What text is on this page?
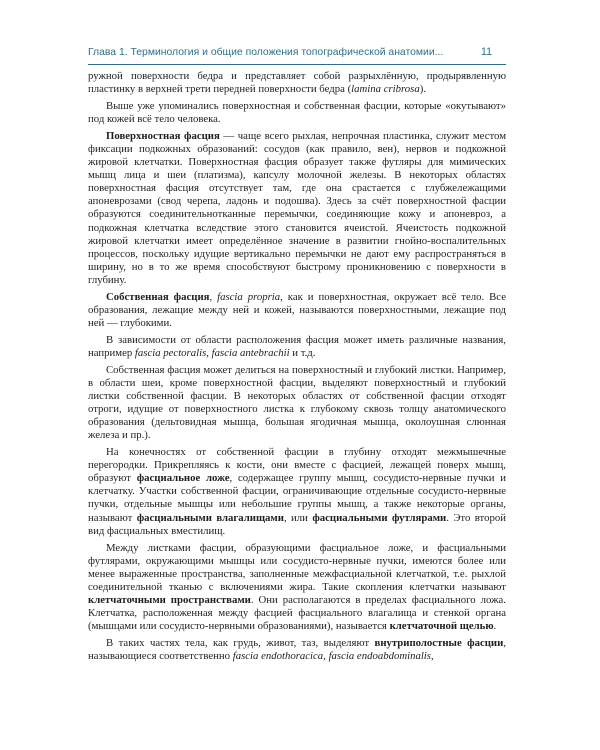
Глава 1. Терминология и общие положения топографической анатомии...	11

ружной поверхности бедра и представляет собой разрыхлённую, продырявленную пластинку в верхней трети передней поверхности бедра (lamina cribrosa).

Выше уже упоминались поверхностная и собственная фасции, которые «окутывают» под кожей всё тело человека.

Поверхностная фасция — чаще всего рыхлая, непрочная пластинка, служит местом фиксации подкожных образований: сосудов (как правило, вен), нервов и подкожной жировой клетчатки. Поверхностная фасция образует также футляры для мимических мышц лица и шеи (платизма), капсулу молочной железы. В некоторых областях поверхностная фасция отсутствует там, где она срастается с глубжележащими апоневрозами (свод черепа, ладонь и подошва). Здесь за счёт поверхностной фасции образуются соединительнотканные перемычки, соединяющие кожу и апоневроз, а подкожная клетчатка вследствие этого становится ячеистой. Ячеистость подкожной жировой клетчатки имеет определённое значение в развитии гнойно-воспалительных процессов, поскольку идущие вертикально перемычки не дают ему распространяться в ширину, но в то же время способствуют быстрому проникновению с поверхности в глубину.

Собственная фасция, fascia propria, как и поверхностная, окружает всё тело. Все образования, лежащие между ней и кожей, называются поверхностными, лежащие под ней — глубокими.

В зависимости от области расположения фасция может иметь различные названия, например fascia pectoralis, fascia antebrachii и т.д.

Собственная фасция может делиться на поверхностный и глубокий листки. Например, в области шеи, кроме поверхностной фасции, выделяют поверхностный и глубокий листки собственной фасции. В некоторых областях от собственной фасции отходят отроги, идущие от поверхностного листка к глубокому сквозь толщу анатомического образования (дельтовидная мышца, большая ягодичная мышца, околоушная слюнная железа и пр.).

На конечностях от собственной фасции в глубину отходят межмышечные перегородки. Прикрепляясь к кости, они вместе с фасцией, лежащей поверх мышц, образуют фасциальное ложе, содержащее группу мышц, сосудисто-нервные пучки и клетчатку. Участки собственной фасции, ограничивающие отдельные сосудисто-нервные пучки, отдельные мышцы или небольшие группы мышц, а также некоторые органы, называют фасциальными влагалищами, или фасциальными футлярами. Это второй вид фасциальных вместилищ.

Между листками фасции, образующими фасциальное ложе, и фасциальными футлярами, окружающими мышцы или сосудисто-нервные пучки, имеются более или менее выраженные пространства, заполненные межфасциальной клетчаткой, т.е. рыхлой соединительной тканью с включениями жира. Такие скопления клетчатки называют клетчаточными пространствами. Они располагаются в пределах фасциального ложа. Клетчатка, расположенная между фасцией фасциального влагалища и стенкой органа (мышцами или сосудисто-нервными образованиями), называется клетчаточной щелью.

В таких частях тела, как грудь, живот, таз, выделяют внутриполостные фасции, называющиеся соответственно fascia endothoracica, fascia endoabdominalis,
